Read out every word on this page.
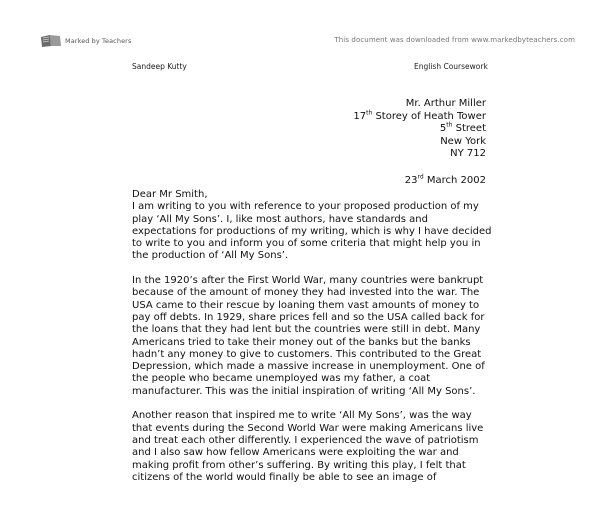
Marked by Teachers	This document was downloaded from www.markedbyteachers.com
Sandeep Kutty	English Coursework
Mr. Arthur Miller
17th Storey of Heath Tower
5th Street
New York
NY 712
23rd March 2002
Dear Mr Smith,

I am writing to you with reference to your proposed production of my play ‘All My Sons’. I, like most authors, have standards and expectations for productions of my writing, which is why I have decided to write to you and inform you of some criteria that might help you in the production of ‘All My Sons’.

In the 1920’s after the First World War, many countries were bankrupt because of the amount of money they had invested into the war. The USA came to their rescue by loaning them vast amounts of money to pay off debts. In 1929, share prices fell and so the USA called back for the loans that they had lent but the countries were still in debt. Many Americans tried to take their money out of the banks but the banks hadn’t any money to give to customers. This contributed to the Great Depression, which made a massive increase in unemployment. One of the people who became unemployed was my father, a coat manufacturer. This was the initial inspiration of writing ‘All My Sons’.

Another reason that inspired me to write ‘All My Sons’, was the way that events during the Second World War were making Americans live and treat each other differently. I experienced the wave of patriotism and I also saw how fellow Americans were exploiting the war and making profit from other’s suffering. By writing this play, I felt that citizens of the world would finally be able to see an image of
